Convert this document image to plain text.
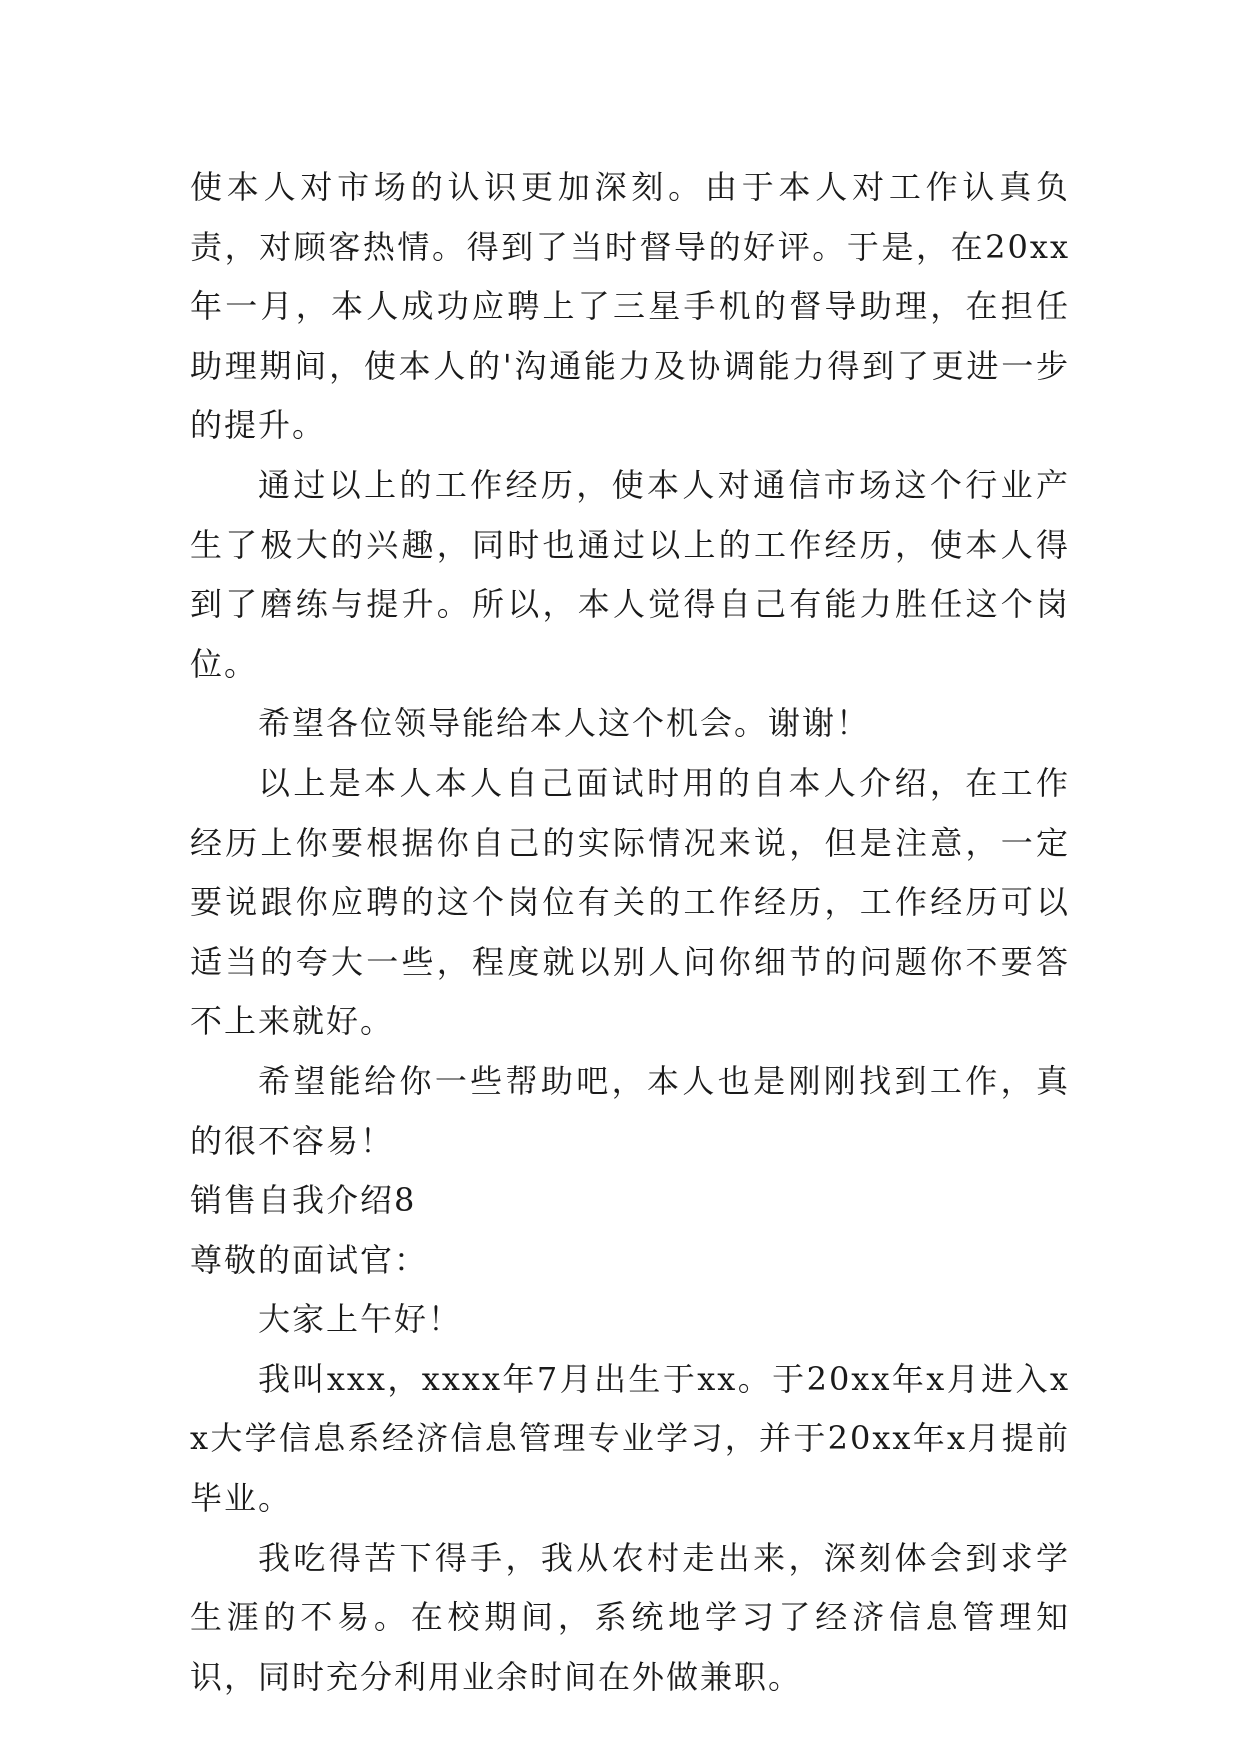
使本人对市场的认识更加深刻。由于本人对工作认真负责，对顾客热情。得到了当时督导的好评。于是，在20xx年一月，本人成功应聘上了三星手机的督导助理，在担任助理期间，使本人的'沟通能力及协调能力得到了更进一步的提升。

通过以上的工作经历，使本人对通信市场这个行业产生了极大的兴趣，同时也通过以上的工作经历，使本人得到了磨练与提升。所以，本人觉得自己有能力胜任这个岗位。

希望各位领导能给本人这个机会。谢谢！

以上是本人本人自己面试时用的自本人介绍，在工作经历上你要根据你自己的实际情况来说，但是注意，一定要说跟你应聘的这个岗位有关的工作经历，工作经历可以适当的夸大一些，程度就以别人问你细节的问题你不要答不上来就好。

希望能给你一些帮助吧，本人也是刚刚找到工作，真的很不容易！

销售自我介绍8

尊敬的面试官：

大家上午好！

我叫xxx，xxxx年7月出生于xx。于20xx年x月进入xx大学信息系经济信息管理专业学习，并于20xx年x月提前毕业。

我吃得苦下得手，我从农村走出来，深刻体会到求学生涯的不易。在校期间，系统地学习了经济信息管理知识，同时充分利用业余时间在外做兼职。
